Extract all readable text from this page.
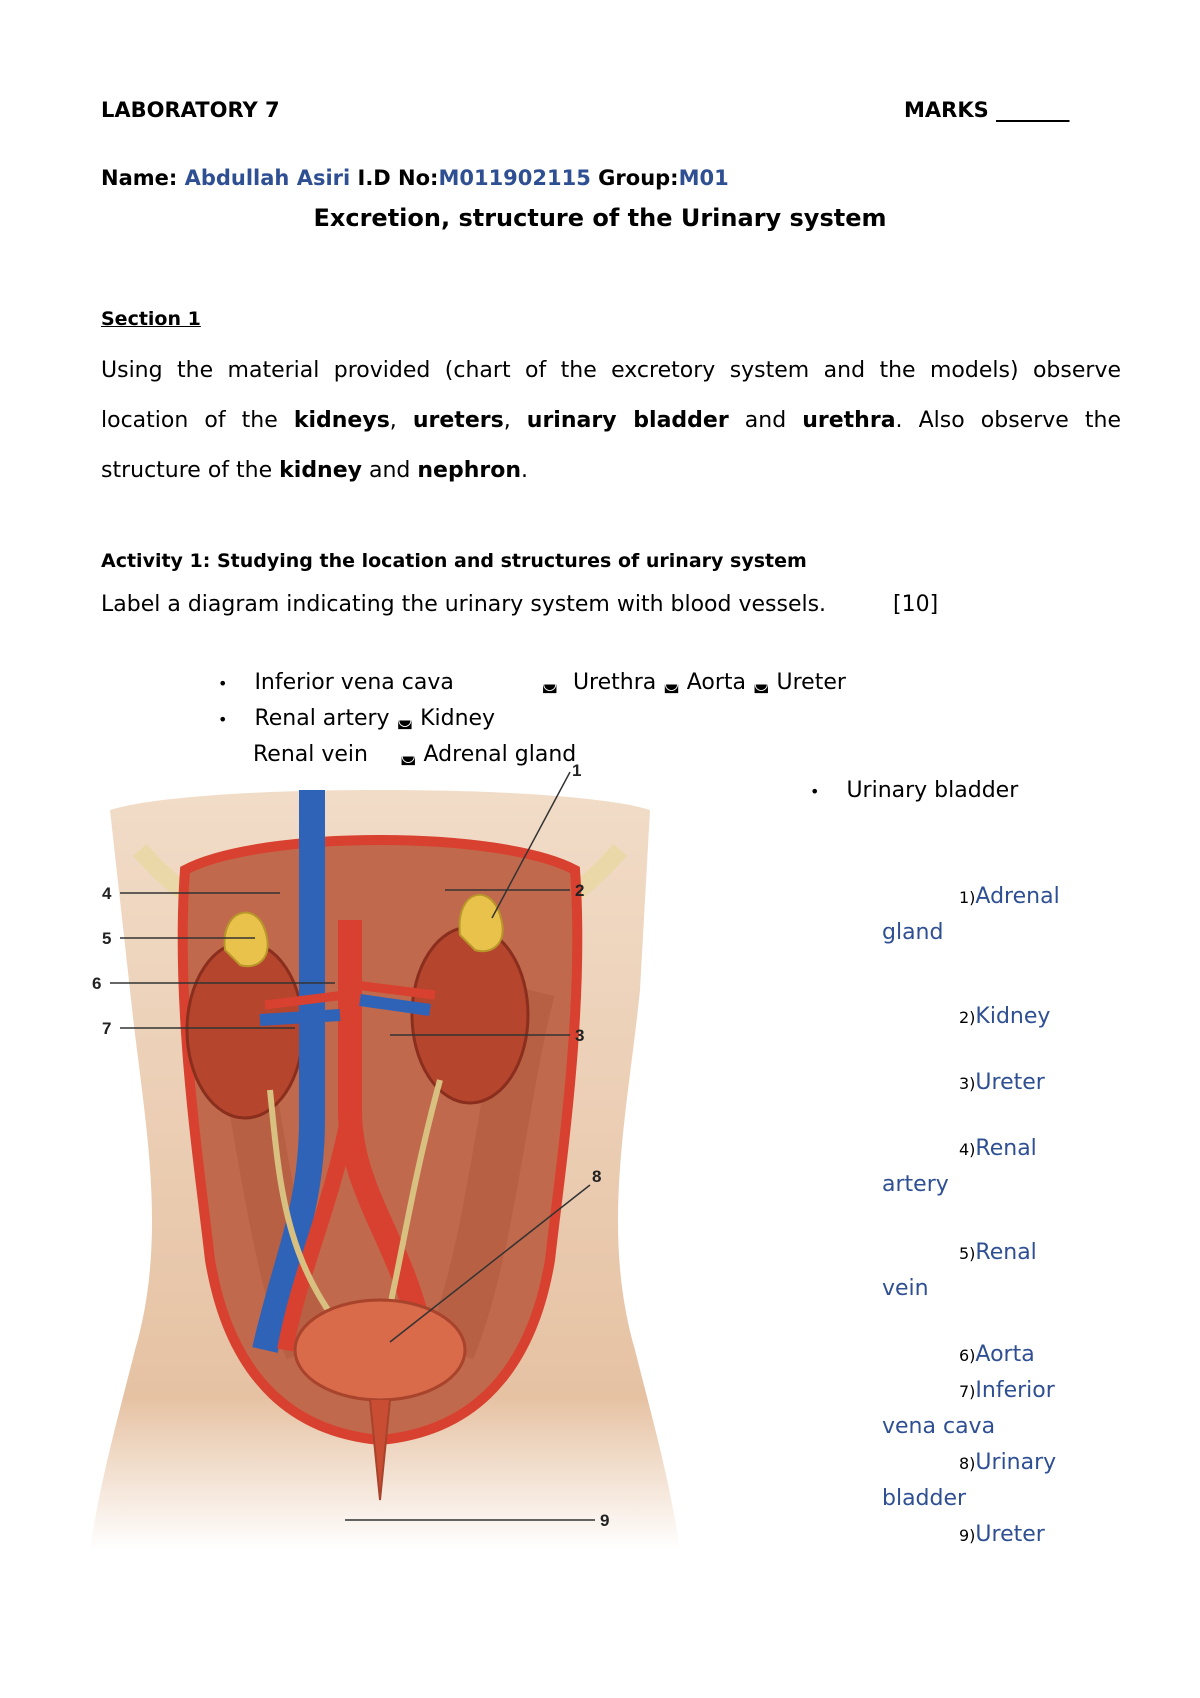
LABORATORY 7	MARKS _______
Name: Abdullah Asiri I.D No:M011902115 Group:M01
Excretion, structure of the Urinary system
Section 1
Using the material provided (chart of the excretory system and the models) observe
location of the kidneys, ureters, urinary bladder and urethra. Also observe the
structure of the kidney and nephron.
Activity 1: Studying the location and structures of urinary system
Label a diagram indicating the urinary system with blood vessels.	[10]
• Inferior vena cava	◛ Urethra ◛ Aorta ◛ Ureter
• Renal artery ◛ Kidney
Renal vein ◛ Adrenal gland
• Urinary bladder
1
2
3
4
5
6
7
8
9
1)Adrenal
gland
2)Kidney
3)Ureter
4)Renal
artery
5)Renal
vein
6)Aorta
7)Inferior
vena cava
8)Urinary
bladder
9)Ureter
